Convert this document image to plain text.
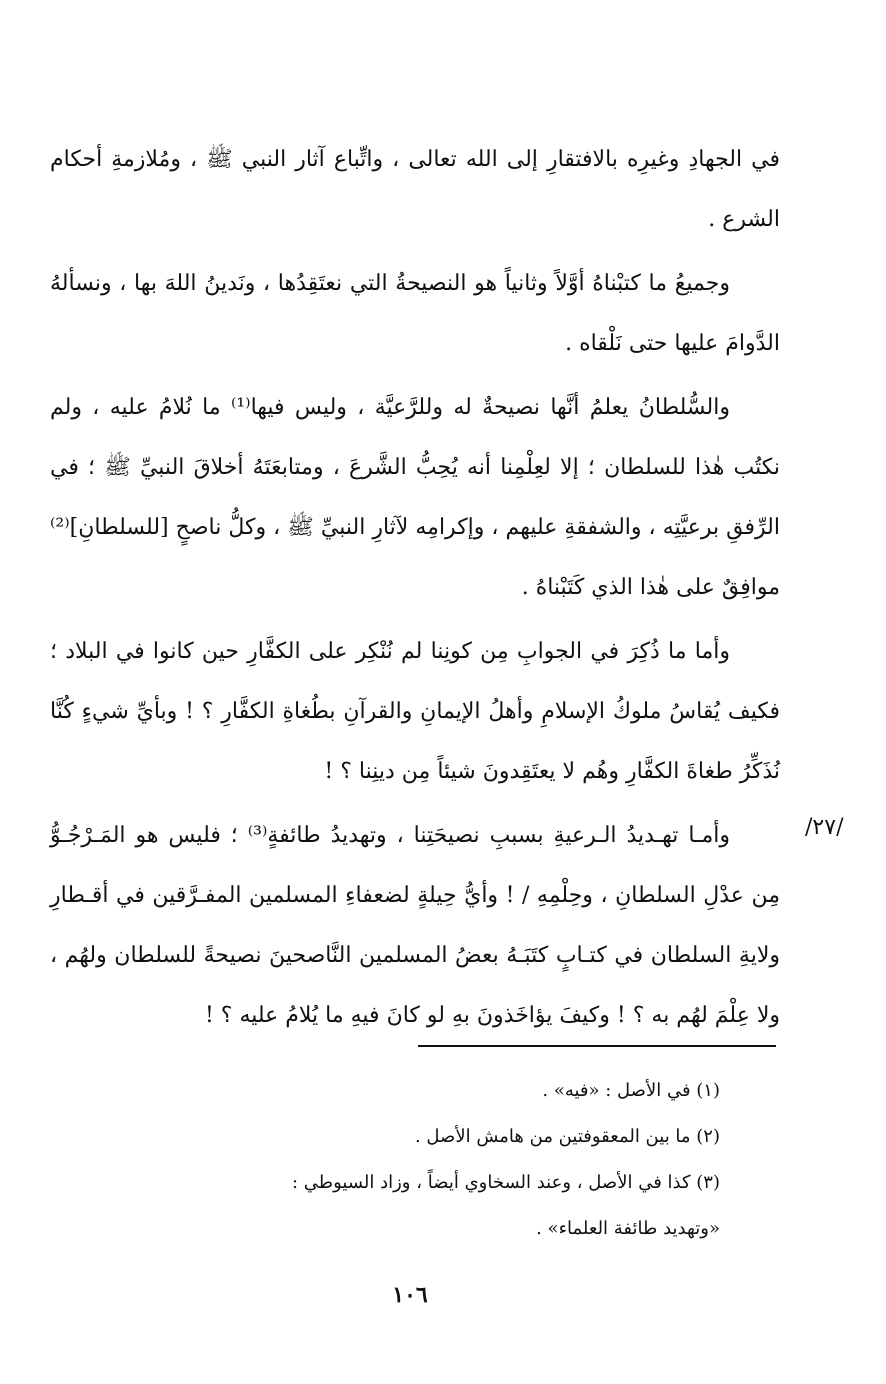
في الجهادِ وغيرِه بالافتقارِ إلى الله تعالى ، واتِّباع آثار النبي ﷺ ، ومُلازمةِ أحكام الشرع .

وجميعُ ما كتبْناهُ أوَّلاً وثانياً هو النصيحةُ التي نعتَقِدُها ، ونَدينُ اللهَ بها ، ونسألهُ الدَّوامَ عليها حتى نَلْقاه .

والسُّلطانُ يعلمُ أنَّها نصيحةٌ له وللرَّعيَّة ، وليس فيها⁽¹⁾ ما نُلامُ عليه ، ولم نكتُب هٰذا للسلطان ؛ إلا لعِلْمِنا أنه يُحِبُّ الشَّرعَ ، ومتابعَتَهُ أخلاقَ النبيِّ ﷺ ؛ في الرِّفقِ برعيَّتِه ، والشفقةِ عليهم ، وإكرامِه لآثارِ النبيِّ ﷺ ، وكلُّ ناصحٍ [للسلطانِ]⁽²⁾ موافِقٌ على هٰذا الذي كَتَبْناهُ .

وأما ما ذُكِرَ في الجوابِ مِن كونِنا لم نُنْكِر على الكفَّارِ حين كانوا في البلاد ؛ فكيف يُقاسُ ملوكُ الإسلامِ وأهلُ الإيمانِ والقرآنِ بطُغاةِ الكفَّارِ ؟ ! وبأيِّ شيءٍ كُنَّا نُذَكِّرُ طغاةَ الكفَّارِ وهُم لا يعتَقِدونَ شيئاً مِن دينِنا ؟ !

وأمـا تهـديدُ الـرعيةِ بسببِ نصيحَتِنا ، وتهديدُ طائفةٍ⁽³⁾ ؛ فليس هو المَـرْجُـوُّ مِن عدْلِ السلطانِ ، وحِلْمِهِ / ! وأيُّ حِيلةٍ لضعفاءِ المسلمين المفـرَّقين في أقـطارِ ولايةِ السلطان في كتـابٍ كتَبَـهُ بعضُ المسلمين النَّاصحينَ نصيحةً للسلطان ولهُم ، ولا عِلْمَ لهُم به ؟ ! وكيفَ يؤاخَذونَ بهِ لو كانَ فيهِ ما يُلامُ عليه ؟ !

/٢٧/

(١) في الأصل : «فيه» .

(٢) ما بين المعقوفتين من هامش الأصل .

(٣) كذا في الأصل ، وعند السخاوي أيضاً ، وزاد السيوطي : «وتهديد طائفة العلماء» .

١٠٦
